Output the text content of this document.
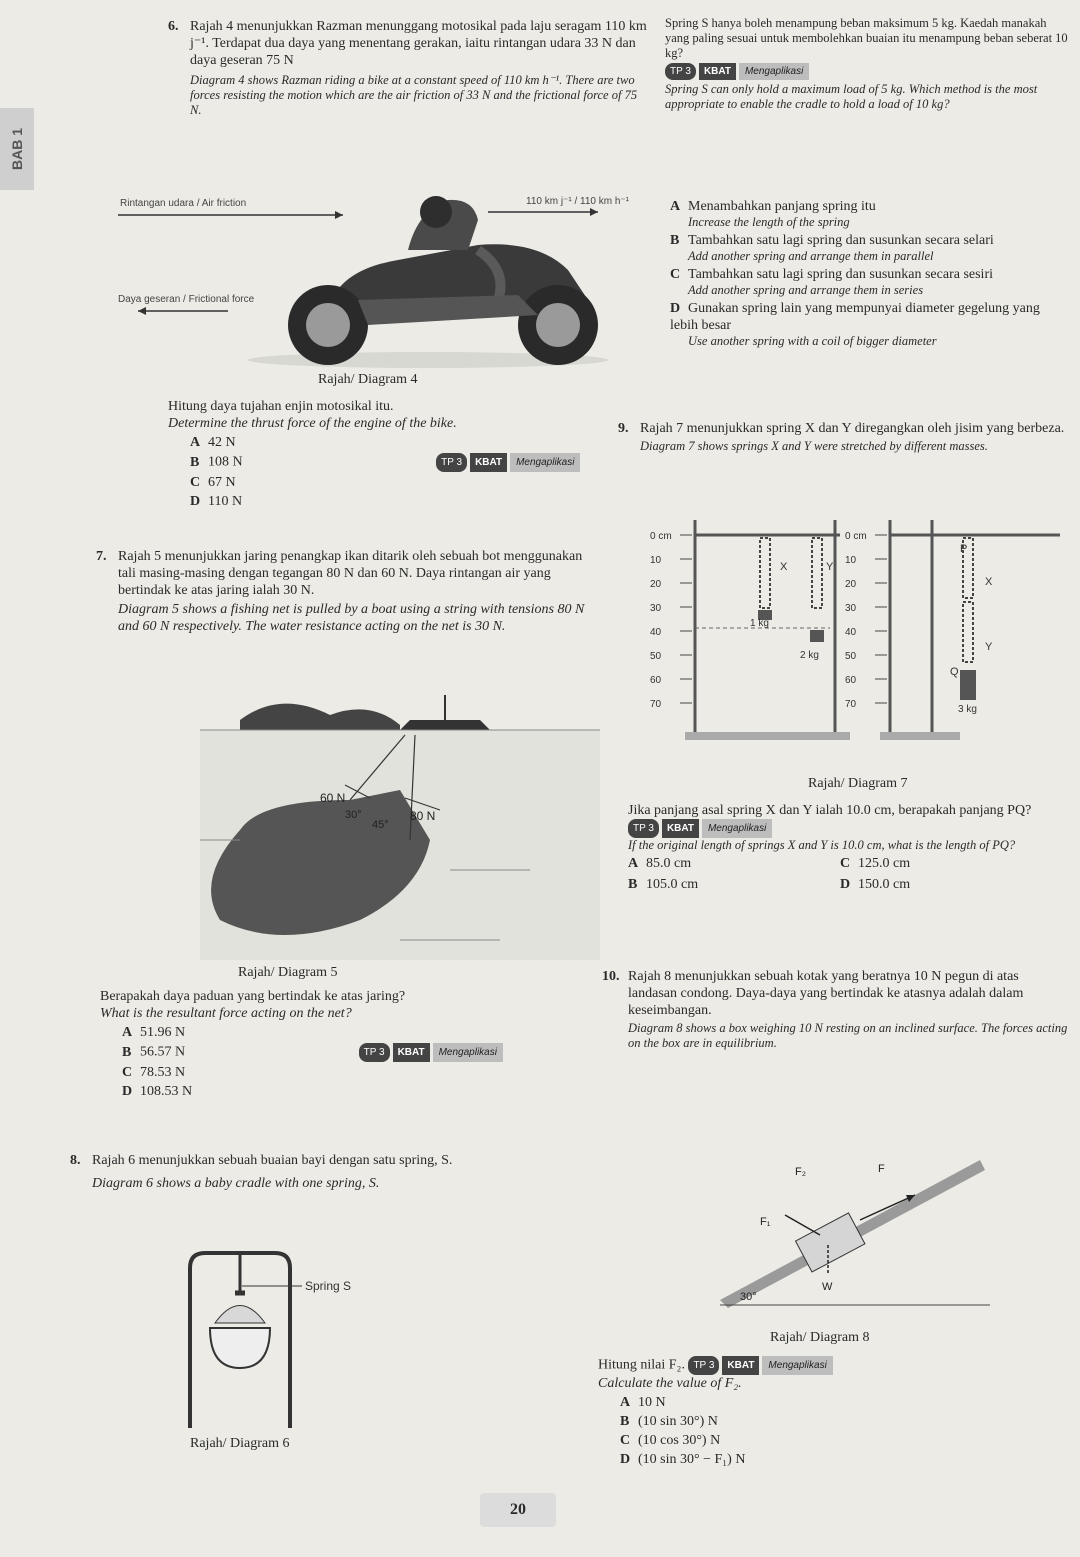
BAB 1
6. Rajah 4 menunjukkan Razman menunggang motosikal pada laju seragam 110 km j⁻¹. Terdapat dua daya yang menentang gerakan, iaitu rintangan udara 33 N dan daya geseran 75 N
Diagram 4 shows Razman riding a bike at a constant speed of 110 km h⁻¹. There are two forces resisting the motion which are the air friction of 33 N and the frictional force of 75 N.
Rintangan udara / Air friction	110 km j⁻¹ / 110 km h⁻¹
Daya geseran / Frictional force
Rajah/ Diagram 4
Hitung daya tujahan enjin motosikal itu.
Determine the thrust force of the engine of the bike.
A 42 N
B 108 N	TP 3	KBAT	Mengaplikasi
C 67 N
D 110 N
7. Rajah 5 menunjukkan jaring penangkap ikan ditarik oleh sebuah bot menggunakan tali masing-masing dengan tegangan 80 N dan 60 N. Daya rintangan air yang bertindak ke atas jaring ialah 30 N.
Diagram 5 shows a fishing net is pulled by a boat using a string with tensions 80 N and 60 N respectively. The water resistance acting on the net is 30 N.
60 N
80 N
30°
45°
Rajah/ Diagram 5
Berapakah daya paduan yang bertindak ke atas jaring?
What is the resultant force acting on the net?
A 51.96 N
B 56.57 N	TP 3	KBAT	Mengaplikasi
C 78.53 N
D 108.53 N
8. Rajah 6 menunjukkan sebuah buaian bayi dengan satu spring, S.
Diagram 6 shows a baby cradle with one spring, S.
Spring S
Rajah/ Diagram 6
Spring S hanya boleh menampung beban maksimum 5 kg. Kaedah manakah yang paling sesuai untuk membolehkan buaian itu menampung beban seberat 10 kg?
TP 3	KBAT	Mengaplikasi
Spring S can only hold a maximum load of 5 kg. Which method is the most appropriate to enable the cradle to hold a load of 10 kg?
A Menambahkan panjang spring itu
Increase the length of the spring
B Tambahkan satu lagi spring dan susunkan secara selari
Add another spring and arrange them in parallel
C Tambahkan satu lagi spring dan susunkan secara sesiri
Add another spring and arrange them in series
D Gunakan spring lain yang mempunyai diameter gegelung yang lebih besar
Use another spring with a coil of bigger diameter
9. Rajah 7 menunjukkan spring X dan Y diregangkan oleh jisim yang berbeza.
Diagram 7 shows springs X and Y were stretched by different masses.
X	Y
1 kg
2 kg
X
Y
P
Q
3 kg
0 cm
10
20
30
40
50
60
70
0 cm
10
20
30
40
50
60
70
Rajah/ Diagram 7
Jika panjang asal spring X dan Y ialah 10.0 cm, berapakah panjang PQ?
TP 3	KBAT	Mengaplikasi
If the original length of springs X and Y is 10.0 cm, what is the length of PQ?
A 85.0 cm	C 125.0 cm
B 105.0 cm	D 150.0 cm
10. Rajah 8 menunjukkan sebuah kotak yang beratnya 10 N pegun di atas landasan condong. Daya-daya yang bertindak ke atasnya adalah dalam keseimbangan.
Diagram 8 shows a box weighing 10 N resting on an inclined surface. The forces acting on the box are in equilibrium.
F₂	F
F₁
W
30°
Rajah/ Diagram 8
Hitung nilai F₂. TP 3	KBAT	Mengaplikasi
Calculate the value of F₂.
A 10 N
B (10 sin 30°) N
C (10 cos 30°) N
D (10 sin 30° − F₁) N
20
